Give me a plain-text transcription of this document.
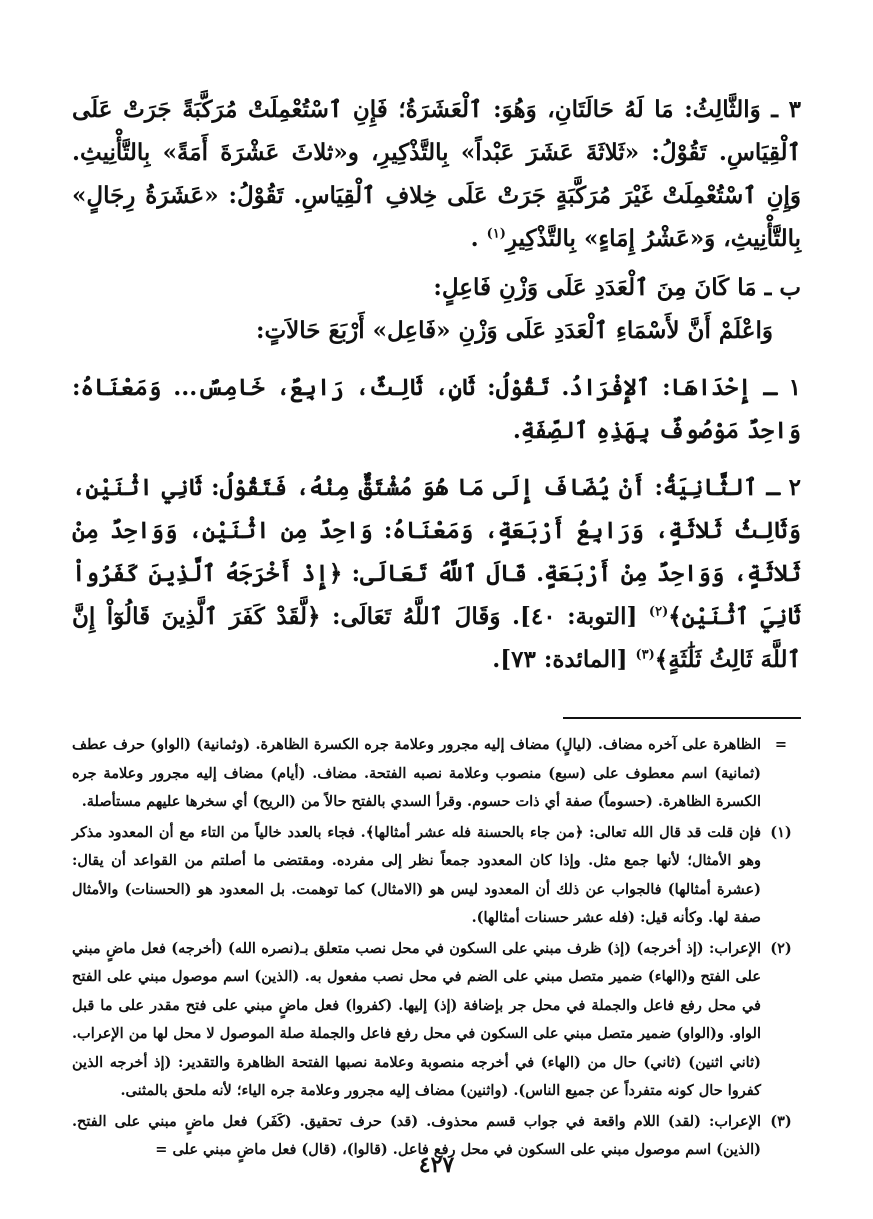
٣ ـ وَالثَّالِثُ: مَا لَهُ حَالَتَانِ، وَهُوَ: ٱلْعَشَرَةُ؛ فَإِنِ ٱسْتُعْمِلَتْ مُرَكَّبَةً جَرَتْ عَلَى ٱلْقِيَاسِ. تَقُوْلُ: «ثَلاثَةَ عَشَرَ عَبْداً» بِالتَّذْكِيرِ، و«ثلاثَ عَشْرَةَ أَمَةً» بِالتَّأْنِيثِ. وَإِنِ ٱسْتُعْمِلَتْ غَيْرَ مُرَكَّبَةٍ جَرَتْ عَلَى خِلافِ ٱلْقِيَاسِ. تَقُوْلُ: «عَشَرَةُ رِجَالٍ» بِالتَّأْنِيثِ، وَ«عَشْرُ إِمَاءٍ» بِالتَّذْكِيرِ$^{(١)}$ .

ب ـ مَا كَانَ مِنَ ٱلْعَدَدِ عَلَى وَزْنِ فَاعِلٍ:

وَاعْلَمْ أَنَّ لأَسْمَاءِ ٱلْعَدَدِ عَلَى وَزْنِ «فَاعِل» أَرْبَعَ حَالاَتٍ:

١ ـ إِحْدَاهَا: ٱلإِفْرَادُ. تَقُوْلُ: ثَانٍ، ثَالِثٌ، رَابِعٌ، خَامِسٌ... وَمَعْنَاهُ: وَاحِدٌ مَوْصُوفٌ بِهَذِهِ ٱلصِّفَةِ.

٢ ـ ٱلثَّانِيَةُ: أَنْ يُضَافَ إِلَى مَا هُوَ مُشْتَقٌّ مِنْهُ، فَتَقُوْلُ: ثَانِي اثْنَيْنِ، وَثَالِثُ ثَلاثَةٍ، وَرَابِعُ أَرْبَعَةٍ، وَمَعْنَاهُ: وَاحِدٌ مِن اثْنَيْنِ، وَوَاحِدٌ مِنْ ثَلاثَةٍ، وَوَاحِدٌ مِنْ أَرْبَعَةٍ. قَالَ ٱللَّهُ تَعَالَى: ﴿إِذْ أَخْرَجَهُ ٱلَّذِينَ كَفَرُواْ ثَانِيَ ٱثْنَيْنِ﴾$^{(٢)}$ [التوبة: ٤٠]. وَقَالَ ٱللَّهُ تَعَالَى: ﴿لَّقَدْ كَفَرَ ٱلَّذِينَ قَالُوٓاْ إِنَّ ٱللَّهَ ثَالِثُ ثَلَٰثَةٍ﴾$^{(٣)}$ [المائدة: ٧٣].

=
الظاهرة على آخره مضاف. (ليالٍ) مضاف إليه مجرور وعلامة جره الكسرة الظاهرة. (وثمانية) (الواو) حرف عطف (ثمانية) اسم معطوف على (سبع) منصوب وعلامة نصبه الفتحة. مضاف. (أيام) مضاف إليه مجرور وعلامة جره الكسرة الظاهرة. (حسوماً) صفة أي ذات حسوم. وقرأ السدي بالفتح حالاً من (الريح) أي سخرها عليهم مستأصلة.
(١)
فإن قلت قد قال الله تعالى: ﴿من جاء بالحسنة فله عشر أمثالها﴾. فجاء بالعدد خالياً من التاء مع أن المعدود مذكر وهو الأمثال؛ لأنها جمع مثل. وإذا كان المعدود جمعاً نظر إلى مفرده. ومقتضى ما أصلتم من القواعد أن يقال: (عشرة أمثالها) فالجواب عن ذلك أن المعدود ليس هو (الامثال) كما توهمت. بل المعدود هو (الحسنات) والأمثال صفة لها. وكأنه قيل: (فله عشر حسنات أمثالها).
(٢)
الإعراب: (إذ أخرجه) (إذ) ظرف مبني على السكون في محل نصب متعلق بـ(نصره الله) (أخرجه) فعل ماضٍ مبني على الفتح و(الهاء) ضمير متصل مبني على الضم في محل نصب مفعول به. (الذين) اسم موصول مبني على الفتح في محل رفع فاعل والجملة في محل جر بإضافة (إذ) إليها. (كفروا) فعل ماضٍ مبني على فتح مقدر على ما قبل الواو. و(الواو) ضمير متصل مبني على السكون في محل رفع فاعل والجملة صلة الموصول لا محل لها من الإعراب. (ثاني اثنين) (ثاني) حال من (الهاء) في أخرجه منصوبة وعلامة نصبها الفتحة الظاهرة والتقدير: (إذ أخرجه الذين كفروا حال كونه متفرداً عن جميع الناس). (واثنين) مضاف إليه مجرور وعلامة جره الياء؛ لأنه ملحق بالمثنى.
(٣)
الإعراب: (لقد) اللام واقعة في جواب قسم محذوف. (قد) حرف تحقيق. (كَفَر) فعل ماضٍ مبني على الفتح. (الذين) اسم موصول مبني على السكون في محل رفع فاعل. (قالوا)، (قال) فعل ماضٍ مبني على =
٤٢٧
